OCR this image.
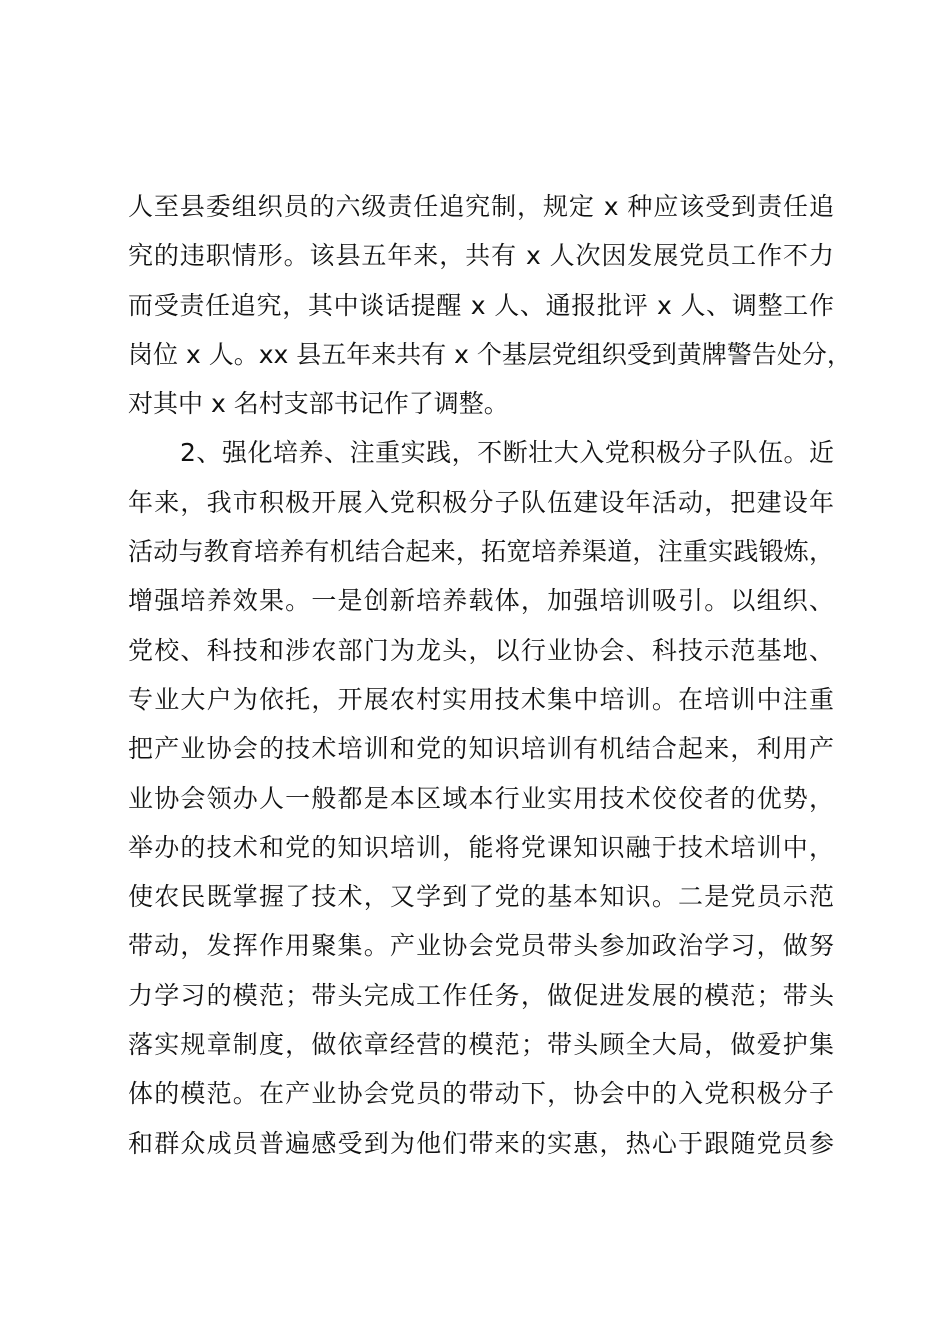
人至县委组织员的六级责任追究制，规定 x 种应该受到责任追
究的违职情形。该县五年来，共有 x 人次因发展党员工作不力
而受责任追究，其中谈话提醒 x 人、通报批评 x 人、调整工作
岗位 x 人。xx 县五年来共有 x 个基层党组织受到黄牌警告处分，
对其中 x 名村支部书记作了调整。
2、强化培养、注重实践，不断壮大入党积极分子队伍。近
年来，我市积极开展入党积极分子队伍建设年活动，把建设年
活动与教育培养有机结合起来，拓宽培养渠道，注重实践锻炼，
增强培养效果。一是创新培养载体，加强培训吸引。以组织、
党校、科技和涉农部门为龙头，以行业协会、科技示范基地、
专业大户为依托，开展农村实用技术集中培训。在培训中注重
把产业协会的技术培训和党的知识培训有机结合起来，利用产
业协会领办人一般都是本区域本行业实用技术佼佼者的优势，
举办的技术和党的知识培训，能将党课知识融于技术培训中，
使农民既掌握了技术，又学到了党的基本知识。二是党员示范
带动，发挥作用聚集。产业协会党员带头参加政治学习，做努
力学习的模范；带头完成工作任务，做促进发展的模范；带头
落实规章制度，做依章经营的模范；带头顾全大局，做爱护集
体的模范。在产业协会党员的带动下，协会中的入党积极分子
和群众成员普遍感受到为他们带来的实惠，热心于跟随党员参
